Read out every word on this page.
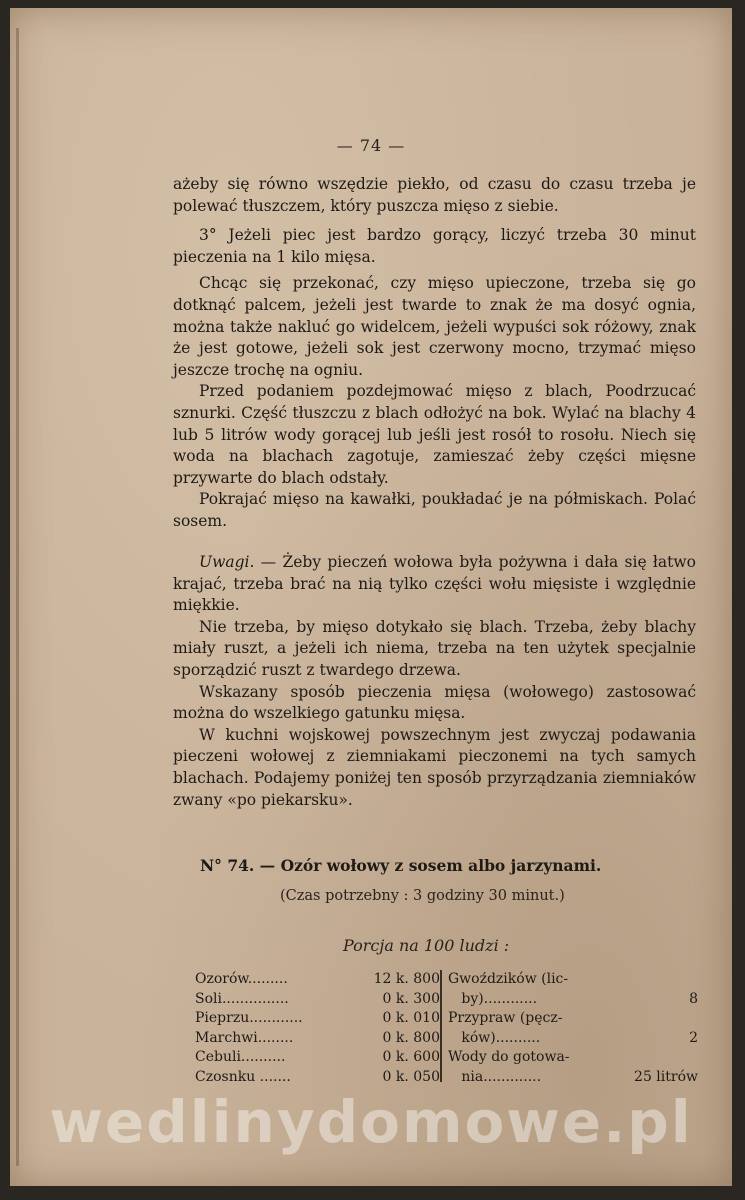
— 74 —

ażeby się równo wszędzie piekło, od czasu do czasu trzeba je polewać tłuszczem, który puszcza mięso z siebie.

3° Jeżeli piec jest bardzo gorący, liczyć trzeba 30 minut pieczenia na 1 kilo mięsa.

Chcąc się przekonać, czy mięso upieczone, trzeba się go dotknąć palcem, jeżeli jest twarde to znak że ma dosyć ognia, można także nakluć go widelcem, jeżeli wypuści sok różowy, znak że jest gotowe, jeżeli sok jest czerwony mocno, trzymać mięso jeszcze trochę na ogniu.

Przed podaniem pozdejmować mięso z blach, Poodrzucać sznurki. Część tłuszczu z blach odłożyć na bok. Wylać na blachy 4 lub 5 litrów wody gorącej lub jeśli jest rosół to rosołu. Niech się woda na blachach zagotuje, zamieszać żeby części mięsne przywarte do blach odstały.

Pokrajać mięso na kawałki, poukładać je na półmiskach. Polać sosem.

Uwagi. — Żeby pieczeń wołowa była pożywna i dała się łatwo krajać, trzeba brać na nią tylko części wołu mięsiste i względnie miękkie.

Nie trzeba, by mięso dotykało się blach. Trzeba, żeby blachy miały ruszt, a jeżeli ich niema, trzeba na ten użytek specjalnie sporządzić ruszt z twardego drzewa.

Wskazany sposób pieczenia mięsa (wołowego) zastosować można do wszelkiego gatunku mięsa.

W kuchni wojskowej powszechnym jest zwyczaj podawania pieczeni wołowej z ziemniakami pieczonemi na tych samych blachach. Podajemy poniżej ten sposób przyrządzania ziemniaków zwany «po piekarsku».

N° 74. — Ozór wołowy z sosem albo jarzynami.
(Czas potrzebny : 3 godziny 30 minut.)
Porcja na 100 ludzi :
Ozorów.........	12 k. 800
Soli...............	0 k. 300
Pieprzu............	0 k. 010
Marchwi........	0 k. 800
Cebuli..........	0 k. 600
Czosnku .......	0 k. 050
Gwoździków (lic-
by)............	8
Przypraw (pęcz-
ków)..........	2
Wody do gotowa-
nia.............	25 litrów
wedlinydomowe.pl
